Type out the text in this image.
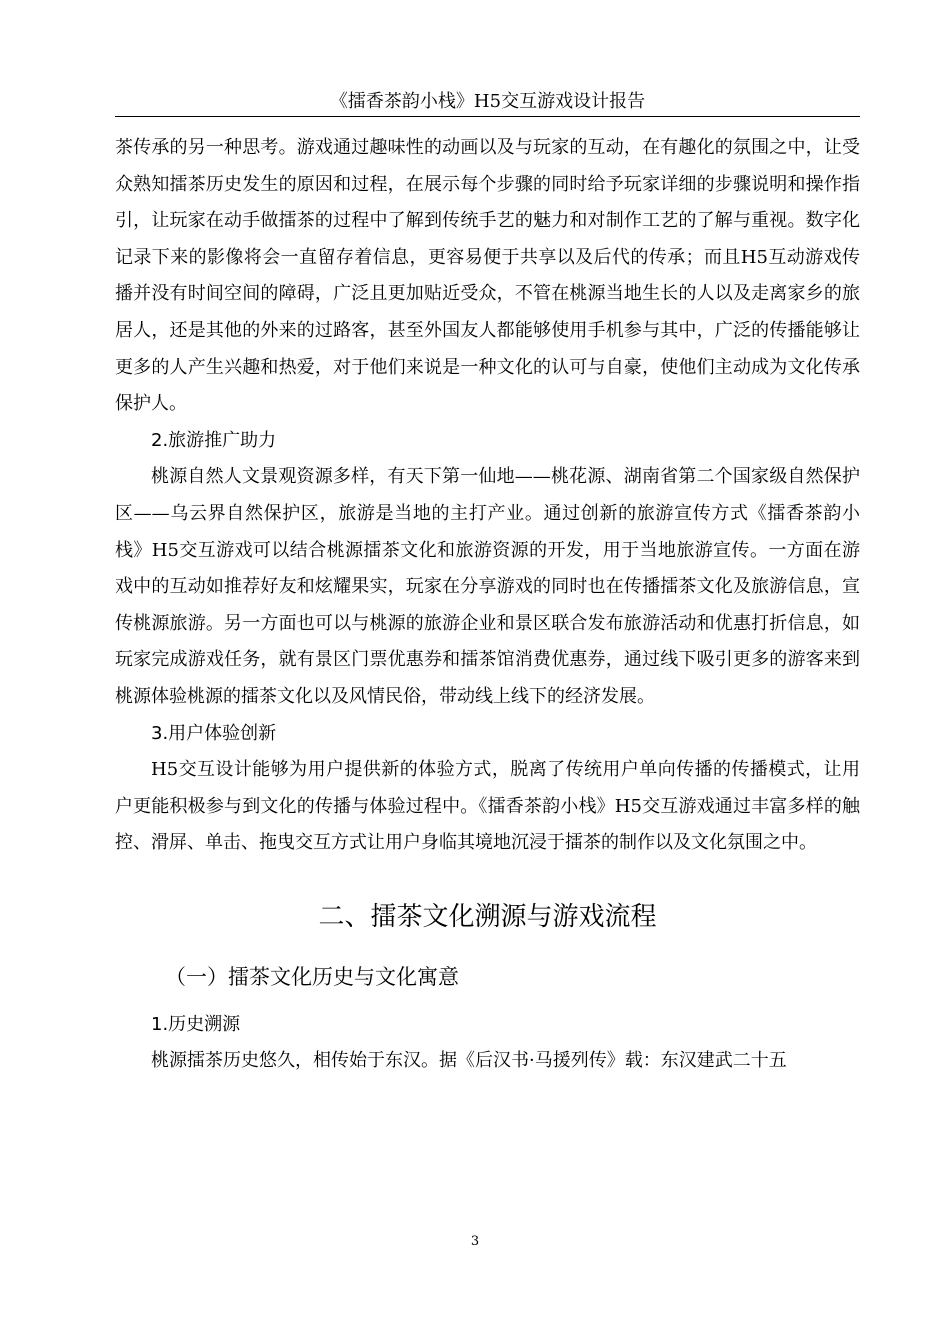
《擂香茶韵小栈》H5交互游戏设计报告

茶传承的另一种思考。游戏通过趣味性的动画以及与玩家的互动，在有趣化的氛围之中，让受众熟知擂茶历史发生的原因和过程，在展示每个步骤的同时给予玩家详细的步骤说明和操作指引，让玩家在动手做擂茶的过程中了解到传统手艺的魅力和对制作工艺的了解与重视。数字化记录下来的影像将会一直留存着信息，更容易便于共享以及后代的传承；而且H5互动游戏传播并没有时间空间的障碍，广泛且更加贴近受众，不管在桃源当地生长的人以及走离家乡的旅居人，还是其他的外来的过路客，甚至外国友人都能够使用手机参与其中，广泛的传播能够让更多的人产生兴趣和热爱，对于他们来说是一种文化的认可与自豪，使他们主动成为文化传承保护人。

2.旅游推广助力

桃源自然人文景观资源多样，有天下第一仙地——桃花源、湖南省第二个国家级自然保护区——乌云界自然保护区，旅游是当地的主打产业。通过创新的旅游宣传方式《擂香茶韵小栈》H5交互游戏可以结合桃源擂茶文化和旅游资源的开发，用于当地旅游宣传。一方面在游戏中的互动如推荐好友和炫耀果实，玩家在分享游戏的同时也在传播擂茶文化及旅游信息，宣传桃源旅游。另一方面也可以与桃源的旅游企业和景区联合发布旅游活动和优惠打折信息，如玩家完成游戏任务，就有景区门票优惠券和擂茶馆消费优惠券，通过线下吸引更多的游客来到桃源体验桃源的擂茶文化以及风情民俗，带动线上线下的经济发展。

3.用户体验创新

H5交互设计能够为用户提供新的体验方式，脱离了传统用户单向传播的传播模式，让用户更能积极参与到文化的传播与体验过程中。《擂香茶韵小栈》H5交互游戏通过丰富多样的触控、滑屏、单击、拖曳交互方式让用户身临其境地沉浸于擂茶的制作以及文化氛围之中。

二、擂茶文化溯源与游戏流程

（一）擂茶文化历史与文化寓意

1.历史溯源

桃源擂茶历史悠久，相传始于东汉。据《后汉书·马援列传》载：东汉建武二十五

3
